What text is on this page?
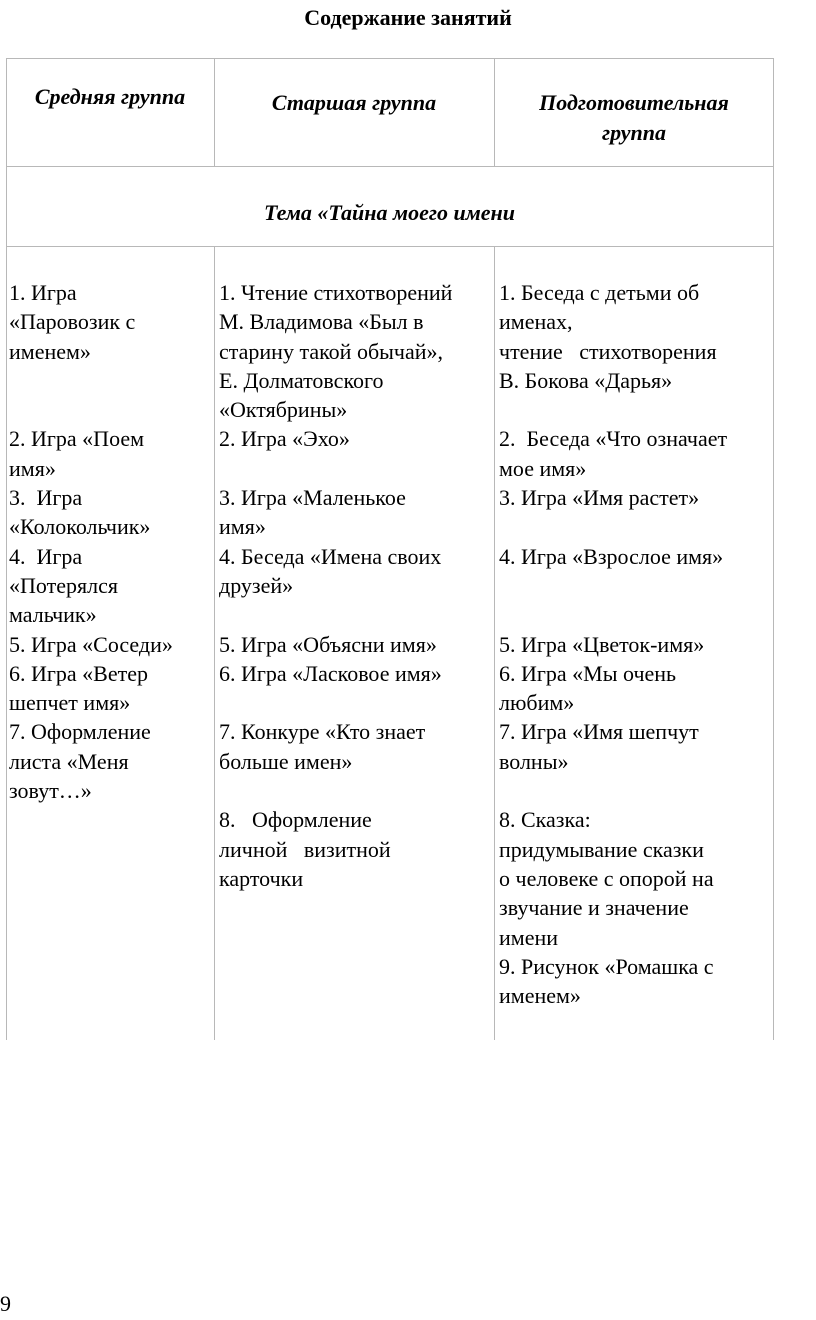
Содержание занятий
Средняя группа	Старшая группа	Подготовительная группа
Тема «Тайна моего имени
1. Игра
«Паровозик с
именем»
2. Игра «Поем
имя»
3.  Игра
«Колокольчик»
4.  Игра
«Потерялся
мальчик»
5. Игра «Соседи»
6. Игра «Ветер
шепчет имя»
7. Оформление
листа «Меня
зовут…»
1. Чтение стихотворений
М. Владимова «Был в
старину такой обычай»,
Е. Долматовского
«Октябрины»
2. Игра «Эхо»
3. Игра «Маленькое
имя»
4. Беседа «Имена своих
друзей»
5. Игра «Объясни имя»
6. Игра «Ласковое имя»
7. Конкуре «Кто знает
больше имен»
8.   Оформление
личной   визитной
карточки
1. Беседа с детьми об
именах,
чтение   стихотворения
В. Бокова «Дарья»
2.  Беседа «Что означает
мое имя»
3. Игра «Имя растет»
4. Игра «Взрослое имя»
5. Игра «Цветок-имя»
6. Игра «Мы очень
любим»
7. Игра «Имя шепчут
волны»
8. Сказка:
придумывание сказки
о человеке с опорой на
звучание и значение
имени
9. Рисунок «Ромашка с
именем»
9
